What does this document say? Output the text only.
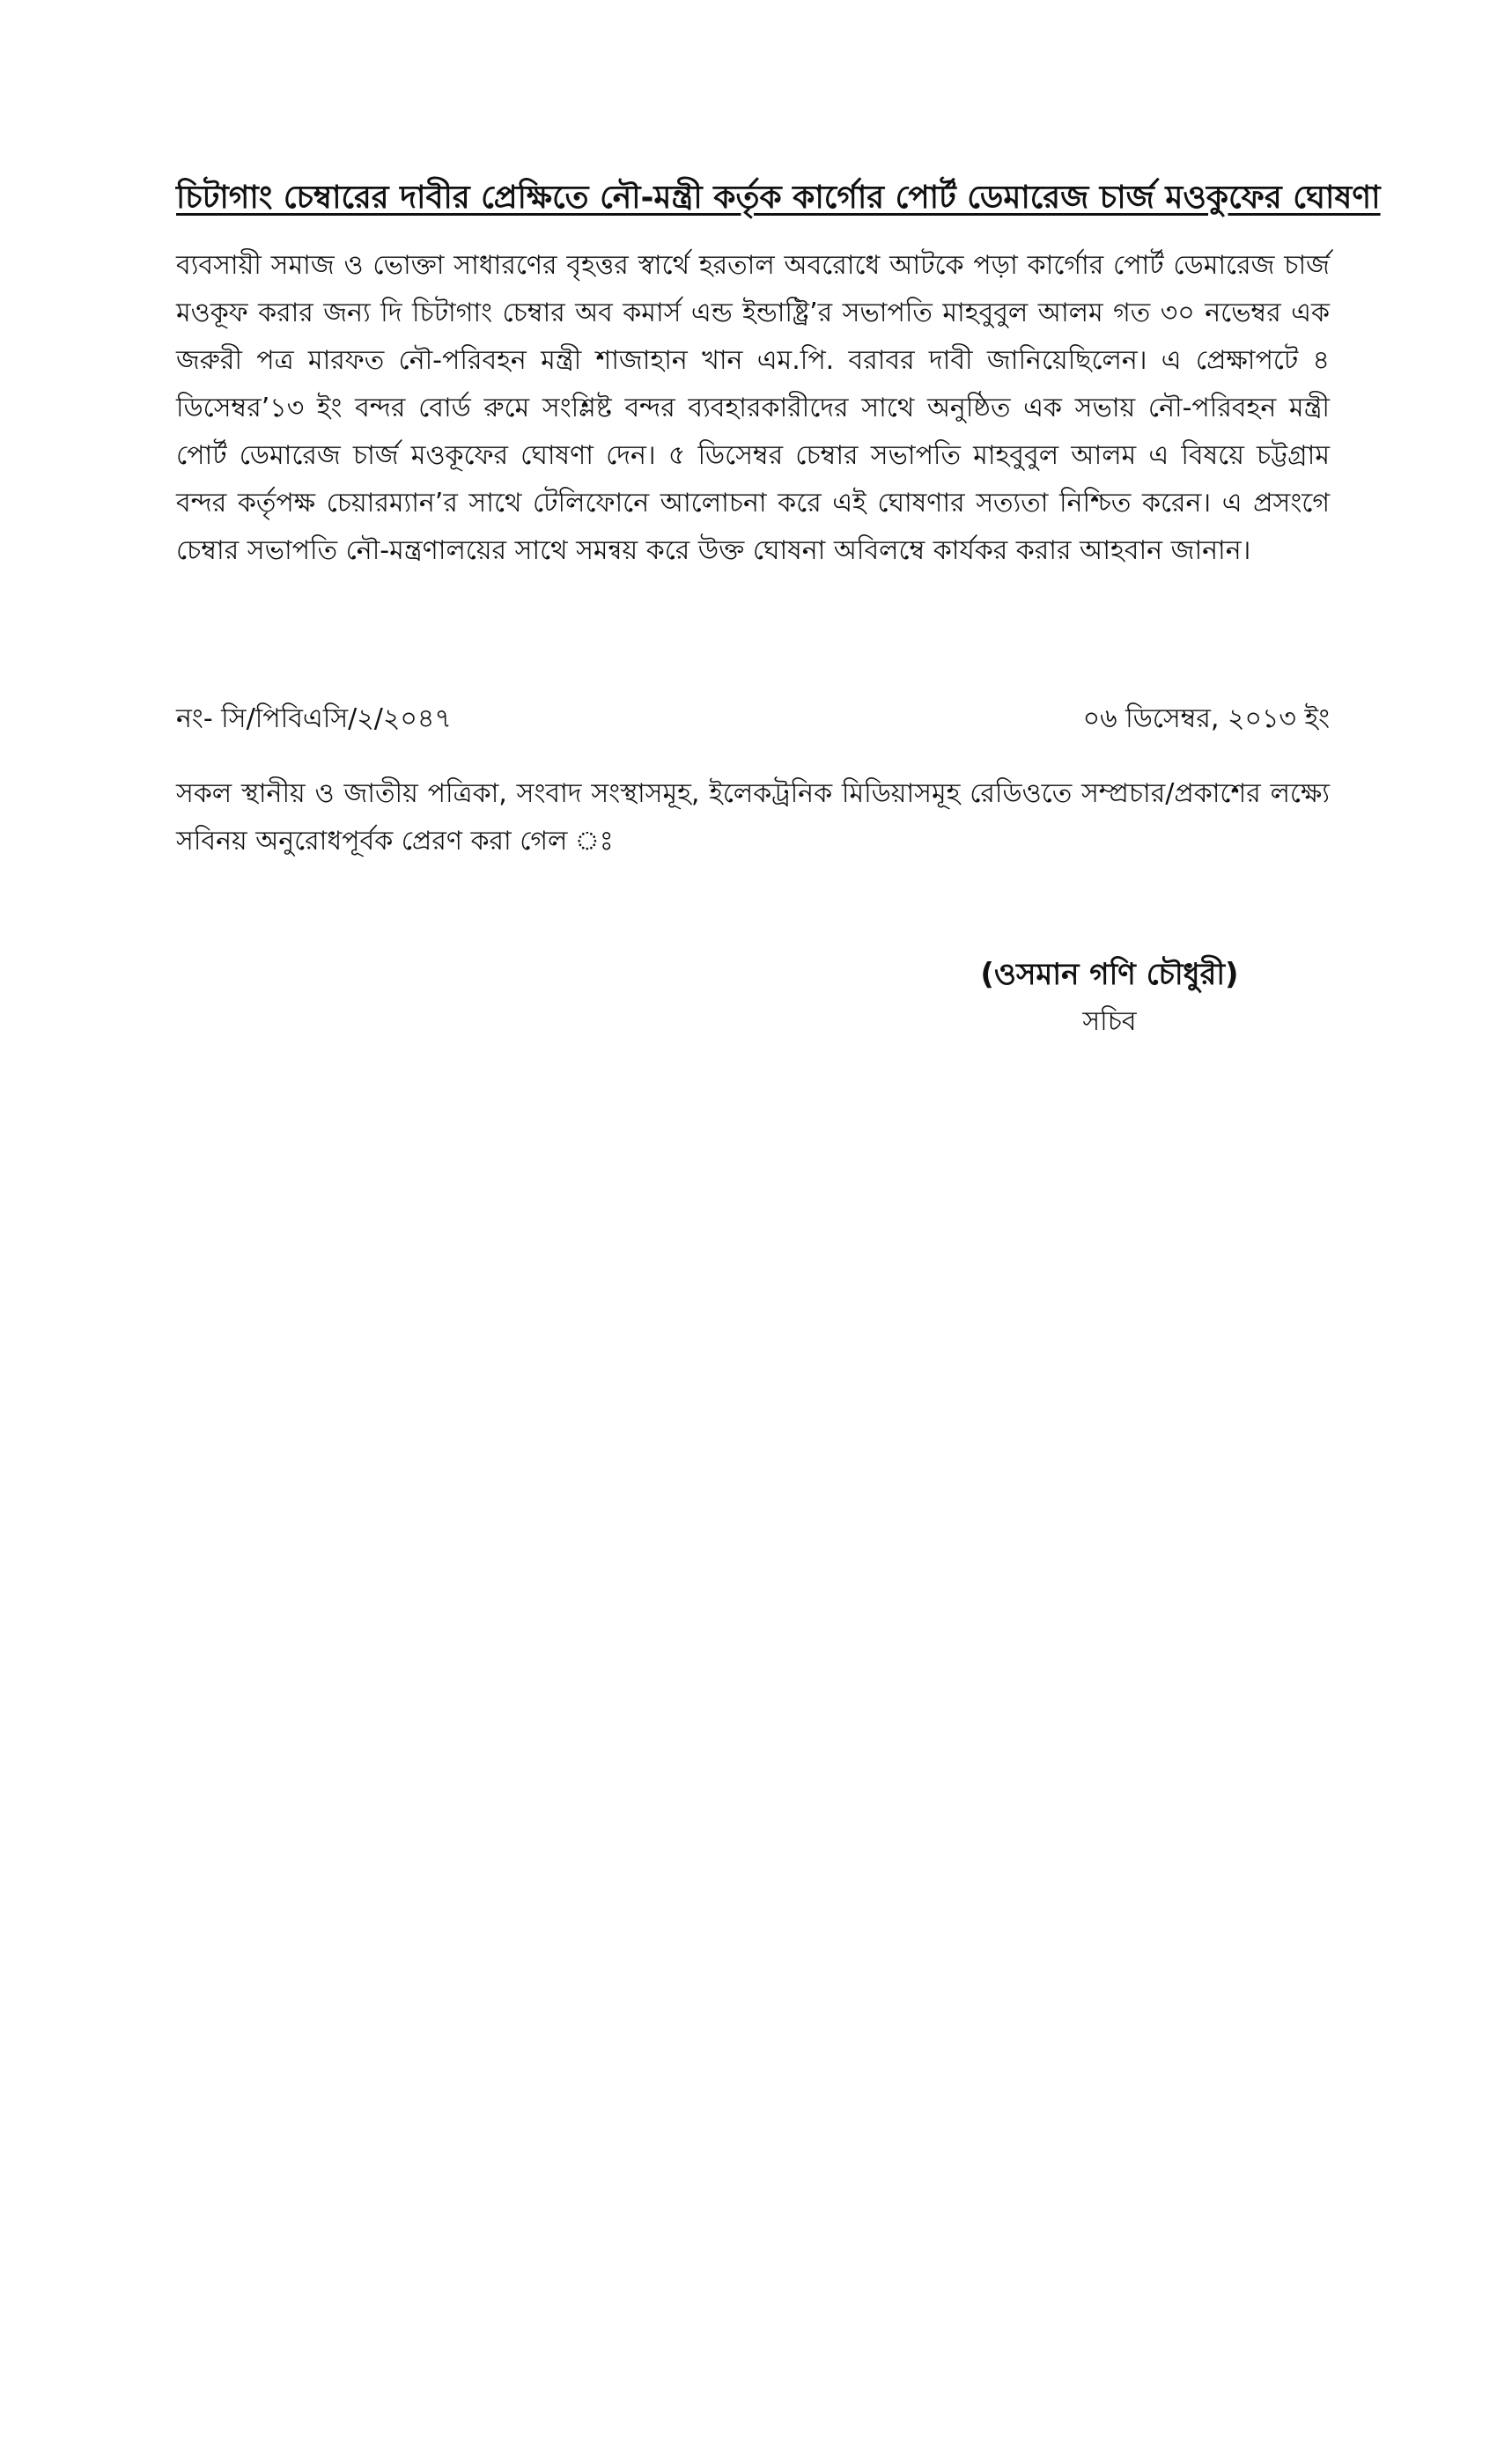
চিটাগাং চেম্বারের দাবীর প্রেক্ষিতে নৌ-মন্ত্রী কর্তৃক কার্গোর পোর্ট ডেমারেজ চার্জ মওকুফের ঘোষণা
ব্যবসায়ী সমাজ ও ভোক্তা সাধারণের বৃহত্তর স্বার্থে হরতাল অবরোধে আটকে পড়া কার্গোর পোর্ট ডেমারেজ চার্জ মওকূফ করার জন্য দি চিটাগাং চেম্বার অব কমার্স এন্ড ইন্ডাষ্ট্রি’র সভাপতি মাহবুবুল আলম গত ৩০ নভেম্বর এক জরুরী পত্র মারফত নৌ-পরিবহন মন্ত্রী শাজাহান খান এম.পি. বরাবর দাবী জানিয়েছিলেন। এ প্রেক্ষাপটে ৪ ডিসেম্বর’১৩ ইং বন্দর বোর্ড রুমে সংশ্লিষ্ট বন্দর ব্যবহারকারীদের সাথে অনুষ্ঠিত এক সভায় নৌ-পরিবহন মন্ত্রী পোর্ট ডেমারেজ চার্জ মওকূফের ঘোষণা দেন। ৫ ডিসেম্বর চেম্বার সভাপতি মাহবুবুল আলম এ বিষয়ে চট্টগ্রাম বন্দর কর্তৃপক্ষ চেয়ারম্যান’র সাথে টেলিফোনে আলোচনা করে এই ঘোষণার সত্যতা নিশ্চিত করেন। এ প্রসংগে চেম্বার সভাপতি নৌ-মন্ত্রণালয়ের সাথে সমন্বয় করে উক্ত ঘোষনা অবিলম্বে কার্যকর করার আহবান জানান।
নং- সি/পিবিএসি/২/২০৪৭	০৬ ডিসেম্বর, ২০১৩ ইং
সকল স্থানীয় ও জাতীয় পত্রিকা, সংবাদ সংস্থাসমূহ, ইলেকট্রনিক মিডিয়াসমূহ রেডিওতে সম্প্রচার/প্রকাশের লক্ষ্যে সবিনয় অনুরোধপূর্বক প্রেরণ করা গেল ঃ
(ওসমান গণি চৌধুরী)
সচিব
